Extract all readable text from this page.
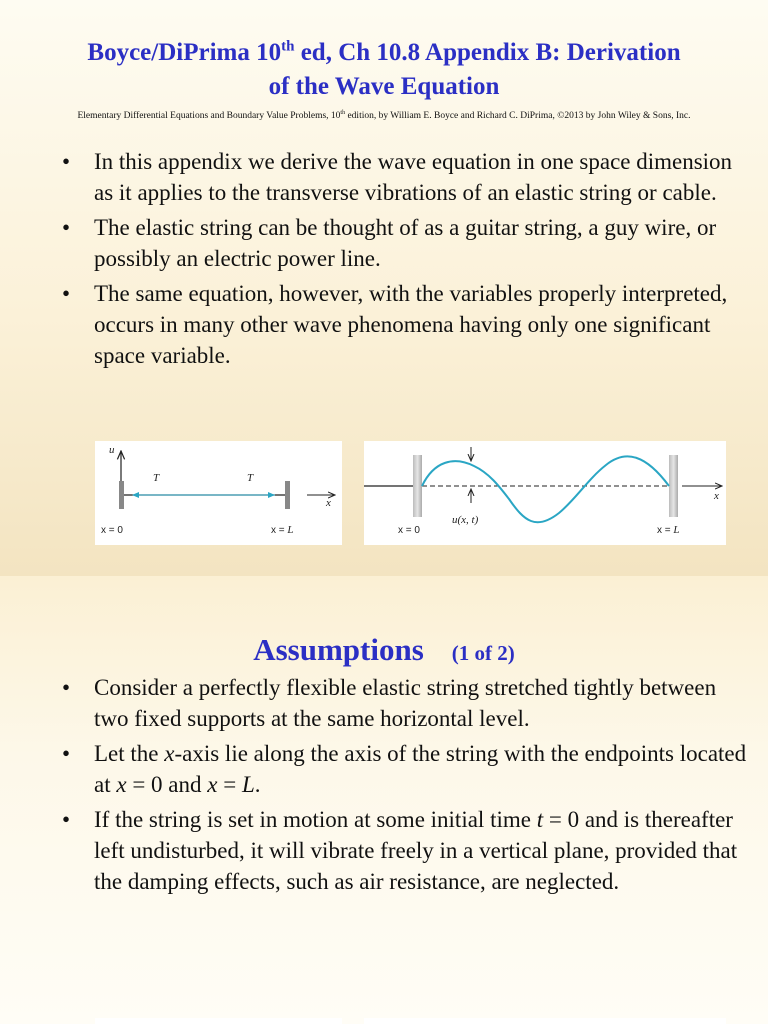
Boyce/DiPrima 10th ed, Ch 10.8 Appendix B: Derivation
of the Wave Equation

Elementary Differential Equations and Boundary Value Problems, 10th edition, by William E. Boyce and Richard C. DiPrima, ©2013 by John Wiley & Sons, Inc.

•	In this appendix we derive the wave equation in one space dimension as it applies to the transverse vibrations of an elastic string or cable.
•	The elastic string can be thought of as a guitar string, a guy wire, or possibly an electric power line.
•	The same equation, however, with the variables properly interpreted, occurs in many other wave phenomena having only one significant space variable.
u
x
T	T
x = 0	x = L
x
u(x, t)
x = 0	x = L
Assumptions (1 of 2)
•	Consider a perfectly flexible elastic string stretched tightly between two fixed supports at the same horizontal level.
•	Let the x-axis lie along the axis of the string with the endpoints located at x = 0 and x = L.
•	If the string is set in motion at some initial time t = 0 and is thereafter left undisturbed, it will vibrate freely in a vertical plane, provided that the damping effects, such as air resistance, are neglected.
